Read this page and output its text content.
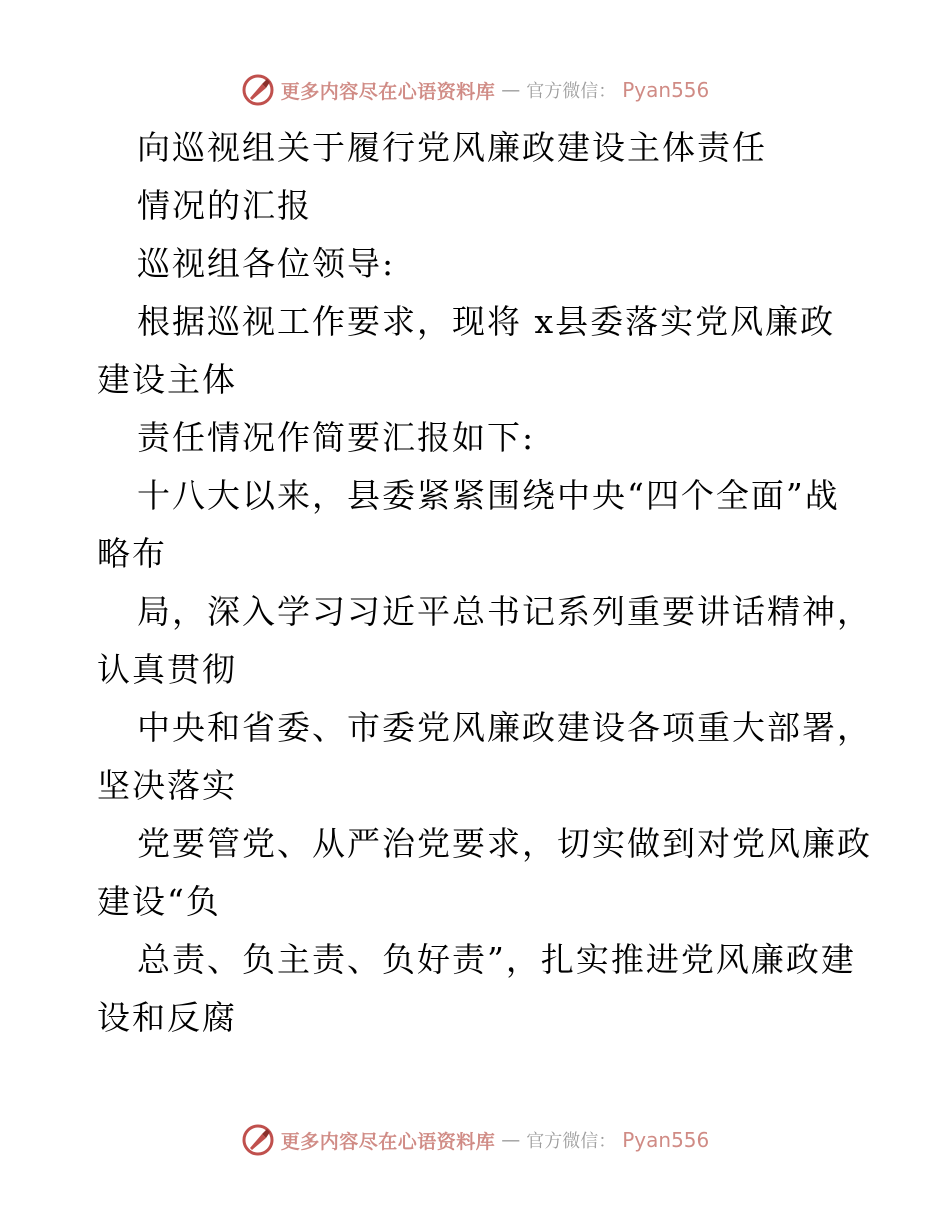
更多内容尽在心语资料库 — 官方微信： Pyan556
向巡视组关于履行党风廉政建设主体责任
情况的汇报
巡视组各位领导:
根据巡视工作要求，现将 x县委落实党风廉政
建设主体
责任情况作简要汇报如下:
十八大以来，县委紧紧围绕中央“四个全面”战
略布
局，深入学习习近平总书记系列重要讲话精神，
认真贯彻
中央和省委、市委党风廉政建设各项重大部署，
坚决落实
党要管党、从严治党要求，切实做到对党风廉政
建设“负
总责、负主责、负好责”，扎实推进党风廉政建
设和反腐
更多内容尽在心语资料库 — 官方微信： Pyan556
